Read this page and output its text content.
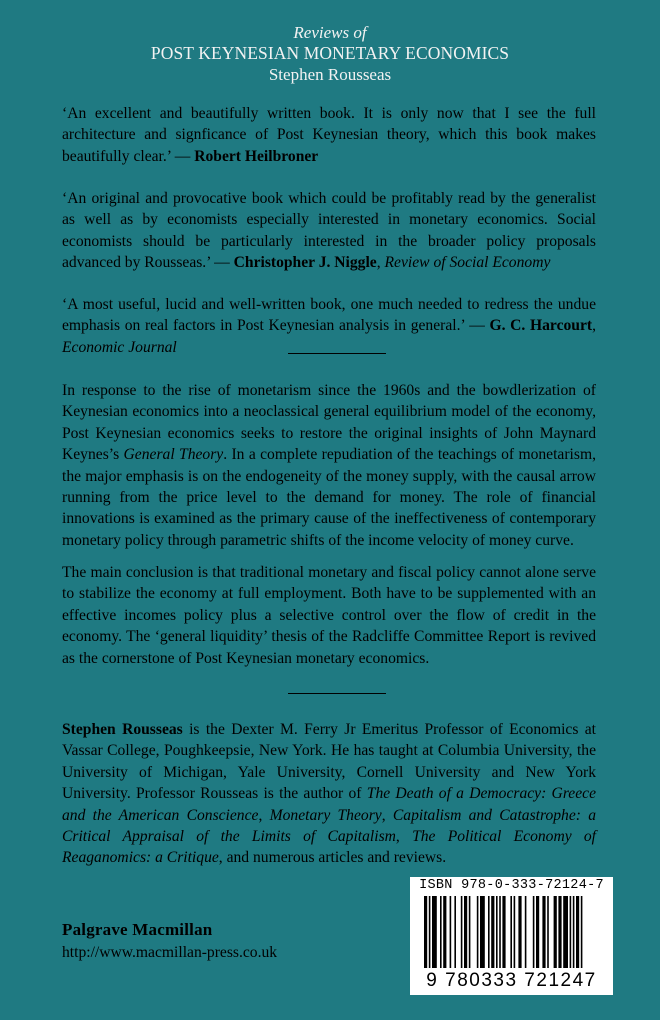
Reviews of
POST KEYNESIAN MONETARY ECONOMICS
Stephen Rousseas
‘An excellent and beautifully written book. It is only now that I see the full architecture and signficance of Post Keynesian theory, which this book makes beautifully clear.’ — Robert Heilbroner
‘An original and provocative book which could be profitably read by the generalist as well as by economists especially interested in monetary economics. Social economists should be particularly interested in the broader policy proposals advanced by Rousseas.’ — Christopher J. Niggle, Review of Social Economy
‘A most useful, lucid and well-written book, one much needed to redress the undue emphasis on real factors in Post Keynesian analysis in general.’ — G. C. Harcourt, Economic Journal
In response to the rise of monetarism since the 1960s and the bowdlerization of Keynesian economics into a neoclassical general equilibrium model of the economy, Post Keynesian economics seeks to restore the original insights of John Maynard Keynes’s General Theory. In a complete repudiation of the teachings of monetarism, the major emphasis is on the endogeneity of the money supply, with the causal arrow running from the price level to the demand for money. The role of financial innovations is examined as the primary cause of the ineffectiveness of contemporary monetary policy through parametric shifts of the income velocity of money curve.
The main conclusion is that traditional monetary and fiscal policy cannot alone serve to stabilize the economy at full employment. Both have to be supplemented with an effective incomes policy plus a selective control over the flow of credit in the economy. The ‘general liquidity’ thesis of the Radcliffe Committee Report is revived as the cornerstone of Post Keynesian monetary economics.
Stephen Rousseas is the Dexter M. Ferry Jr Emeritus Professor of Economics at Vassar College, Poughkeepsie, New York. He has taught at Columbia University, the University of Michigan, Yale University, Cornell University and New York University. Professor Rousseas is the author of The Death of a Democracy: Greece and the American Conscience, Monetary Theory, Capitalism and Catastrophe: a Critical Appraisal of the Limits of Capitalism, The Political Economy of Reaganomics: a Critique, and numerous articles and reviews.
ISBN 978-0-333-72124-7
9 780333 721247
Palgrave Macmillan
http://www.macmillan-press.co.uk
